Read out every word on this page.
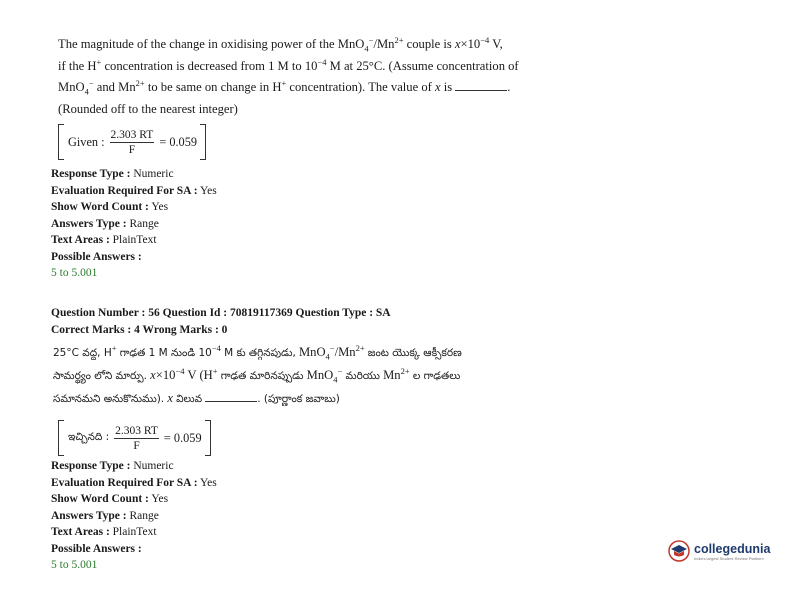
The magnitude of the change in oxidising power of the $MnO_4^-/Mn^{2+}$ couple is $x\times 10^{-4}$ V,
if the H+ concentration is decreased from 1 M to $10^{-4}$ M at 25°C. (Assume concentration of
MnO$_4$− and $Mn^{2+}$ to be same on change in H+ concentration). The value of x is	.
(Rounded off to the nearest integer)
Given : $\frac{2.303 RT}{F} = 0.059$
Response Type : Numeric
Evaluation Required For SA : Yes
Show Word Count : Yes
Answers Type : Range
Text Areas : PlainText
Possible Answers :
5 to 5.001
Question Number : 56 Question Id : 70819117369 Question Type : SA
Correct Marks : 4 Wrong Marks : 0
25°C వద్ద, H+ గాఢత 1 M నుండి $10^{-4}$ M కు తగ్గినపుడు, $MnO_4^-/Mn^{2+}$ జంట యొక్క ఆక్సీకరణ
సామర్థ్యం లోని మార్పు. $x\times 10^{-4}$ V (H+ గాఢత మారినప్పుడు MnO$_4$− మరియు $Mn^{2+}$ ల గాఢతలు
సమానమని అనుకొనుము). x విలువ	. (పూర్ణాంక జవాబు)
ఇచ్చినది : $\frac{2.303 RT}{F} = 0.059$
Response Type : Numeric
Evaluation Required For SA : Yes
Show Word Count : Yes
Answers Type : Range
Text Areas : PlainText
Possible Answers :
5 to 5.001
collegedunia
India's largest Student Review Platform
